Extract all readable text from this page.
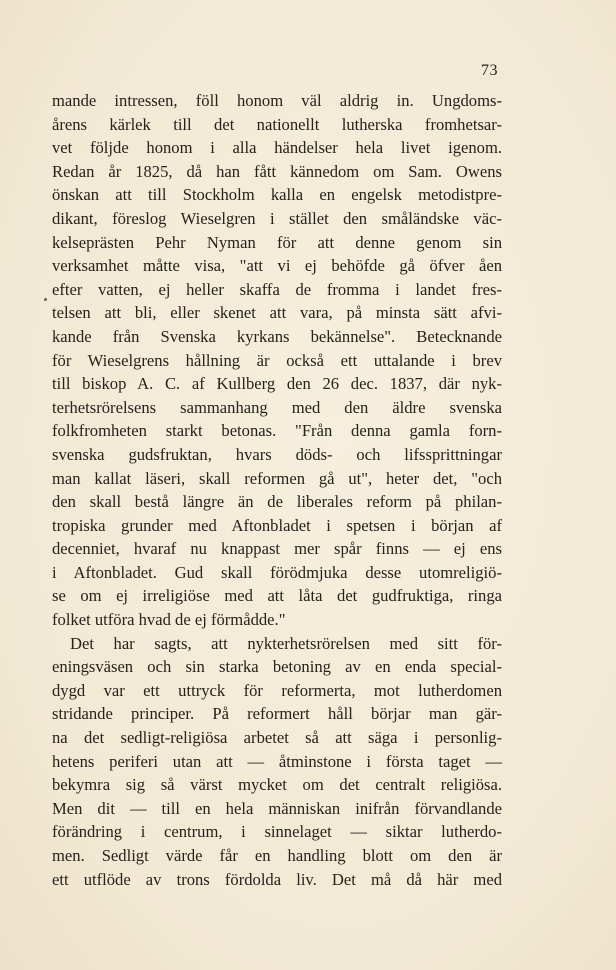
73
mande intressen, föll honom väl aldrig in. Ungdoms-
årens kärlek till det nationellt lutherska fromhetsar-
vet följde honom i alla händelser hela livet igenom.
Redan år 1825, då han fått kännedom om Sam. Owens
önskan att till Stockholm kalla en engelsk metodistpre-
dikant, föreslog Wieselgren i stället den småländske väc-
kelseprästen Pehr Nyman för att denne genom sin
verksamhet måtte visa, "att vi ej behöfde gå öfver åen
efter vatten, ej heller skaffa de fromma i landet fres-
telsen att bli, eller skenet att vara, på minsta sätt afvi-
kande från Svenska kyrkans bekännelse". Betecknande
för Wieselgrens hållning är också ett uttalande i brev
till biskop A. C. af Kullberg den 26 dec. 1837, där nyk-
terhetsrörelsens sammanhang med den äldre svenska
folkfromheten starkt betonas. "Från denna gamla forn-
svenska gudsfruktan, hvars döds- och lifssprittningar
man kallat läseri, skall reformen gå ut", heter det, "och
den skall bestå längre än de liberales reform på philan-
tropiska grunder med Aftonbladet i spetsen i början af
decenniet, hvaraf nu knappast mer spår finns — ej ens
i Aftonbladet. Gud skall förödmjuka desse utomreligiö-
se om ej irreligiöse med att låta det gudfruktiga, ringa
folket utföra hvad de ej förmådde."
Det har sagts, att nykterhetsrörelsen med sitt för-
eningsväsen och sin starka betoning av en enda special-
dygd var ett uttryck för reformerta, mot lutherdomen
stridande principer. På reformert håll börjar man gär-
na det sedligt-religiösa arbetet så att säga i personlig-
hetens periferi utan att — åtminstone i första taget —
bekymra sig så värst mycket om det centralt religiösa.
Men dit — till en hela människan inifrån förvandlande
förändring i centrum, i sinnelaget — siktar lutherdo-
men. Sedligt värde får en handling blott om den är
ett utflöde av trons fördolda liv. Det må då här med
